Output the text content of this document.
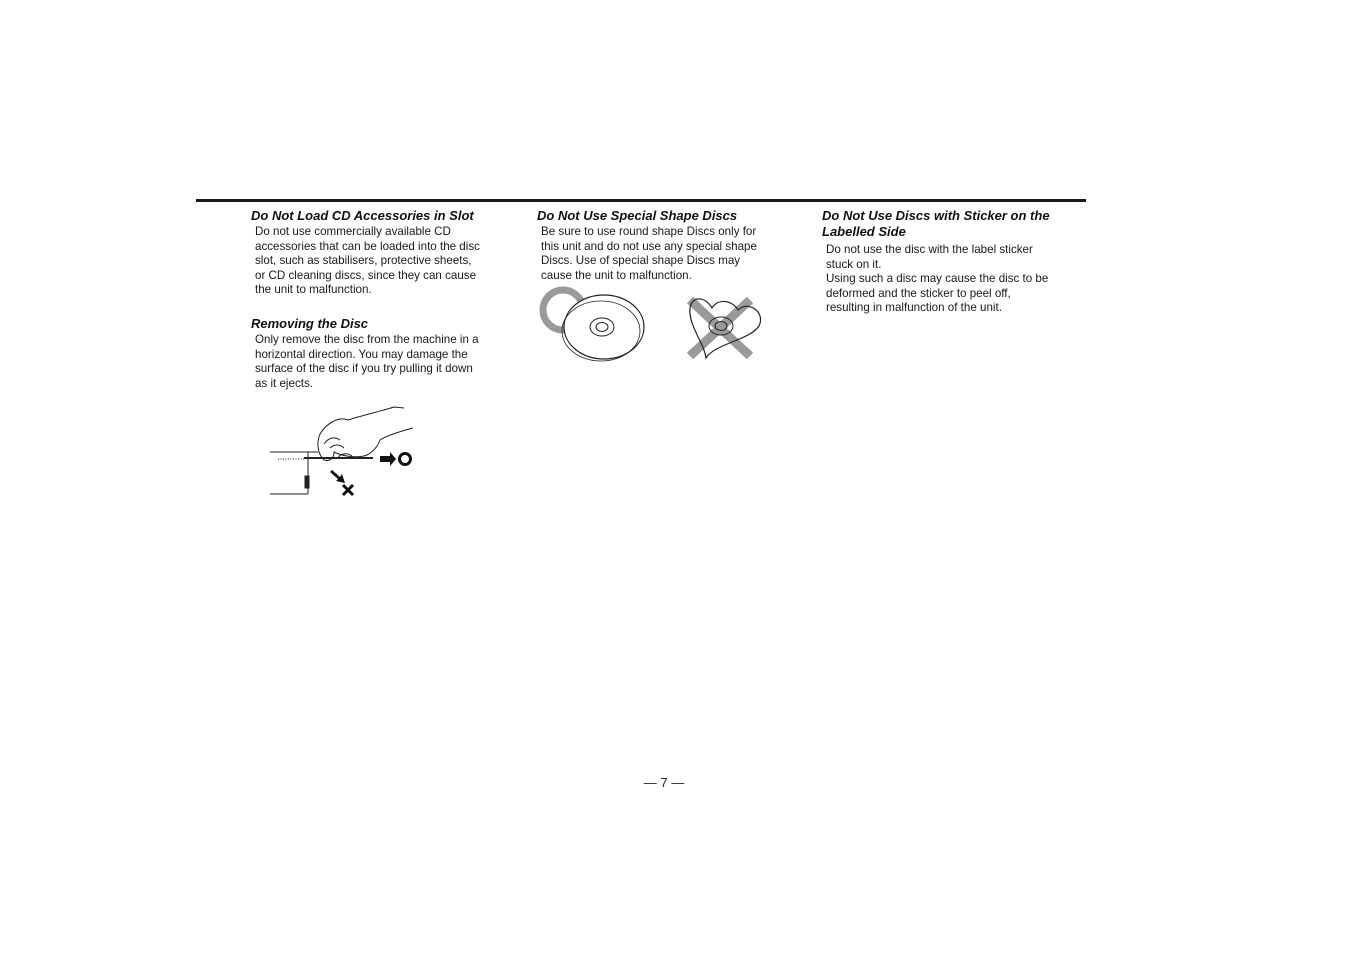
Do Not Load CD Accessories in Slot

Do not use commercially available CD
accessories that can be loaded into the disc
slot, such as stabilisers, protective sheets,
or CD cleaning discs, since they can cause
the unit to malfunction.

Removing the Disc

Only remove the disc from the machine in a
horizontal direction. You may damage the
surface of the disc if you try pulling it down
as it ejects.

Do Not Use Special Shape Discs

Be sure to use round shape Discs only for
this unit and do not use any special shape
Discs. Use of special shape Discs may
cause the unit to malfunction.

Do Not Use Discs with Sticker on the Labelled Side

Do not use the disc with the label sticker
stuck on it.
Using such a disc may cause the disc to be
deformed and the sticker to peel off,
resulting in malfunction of the unit.

— 7 —
